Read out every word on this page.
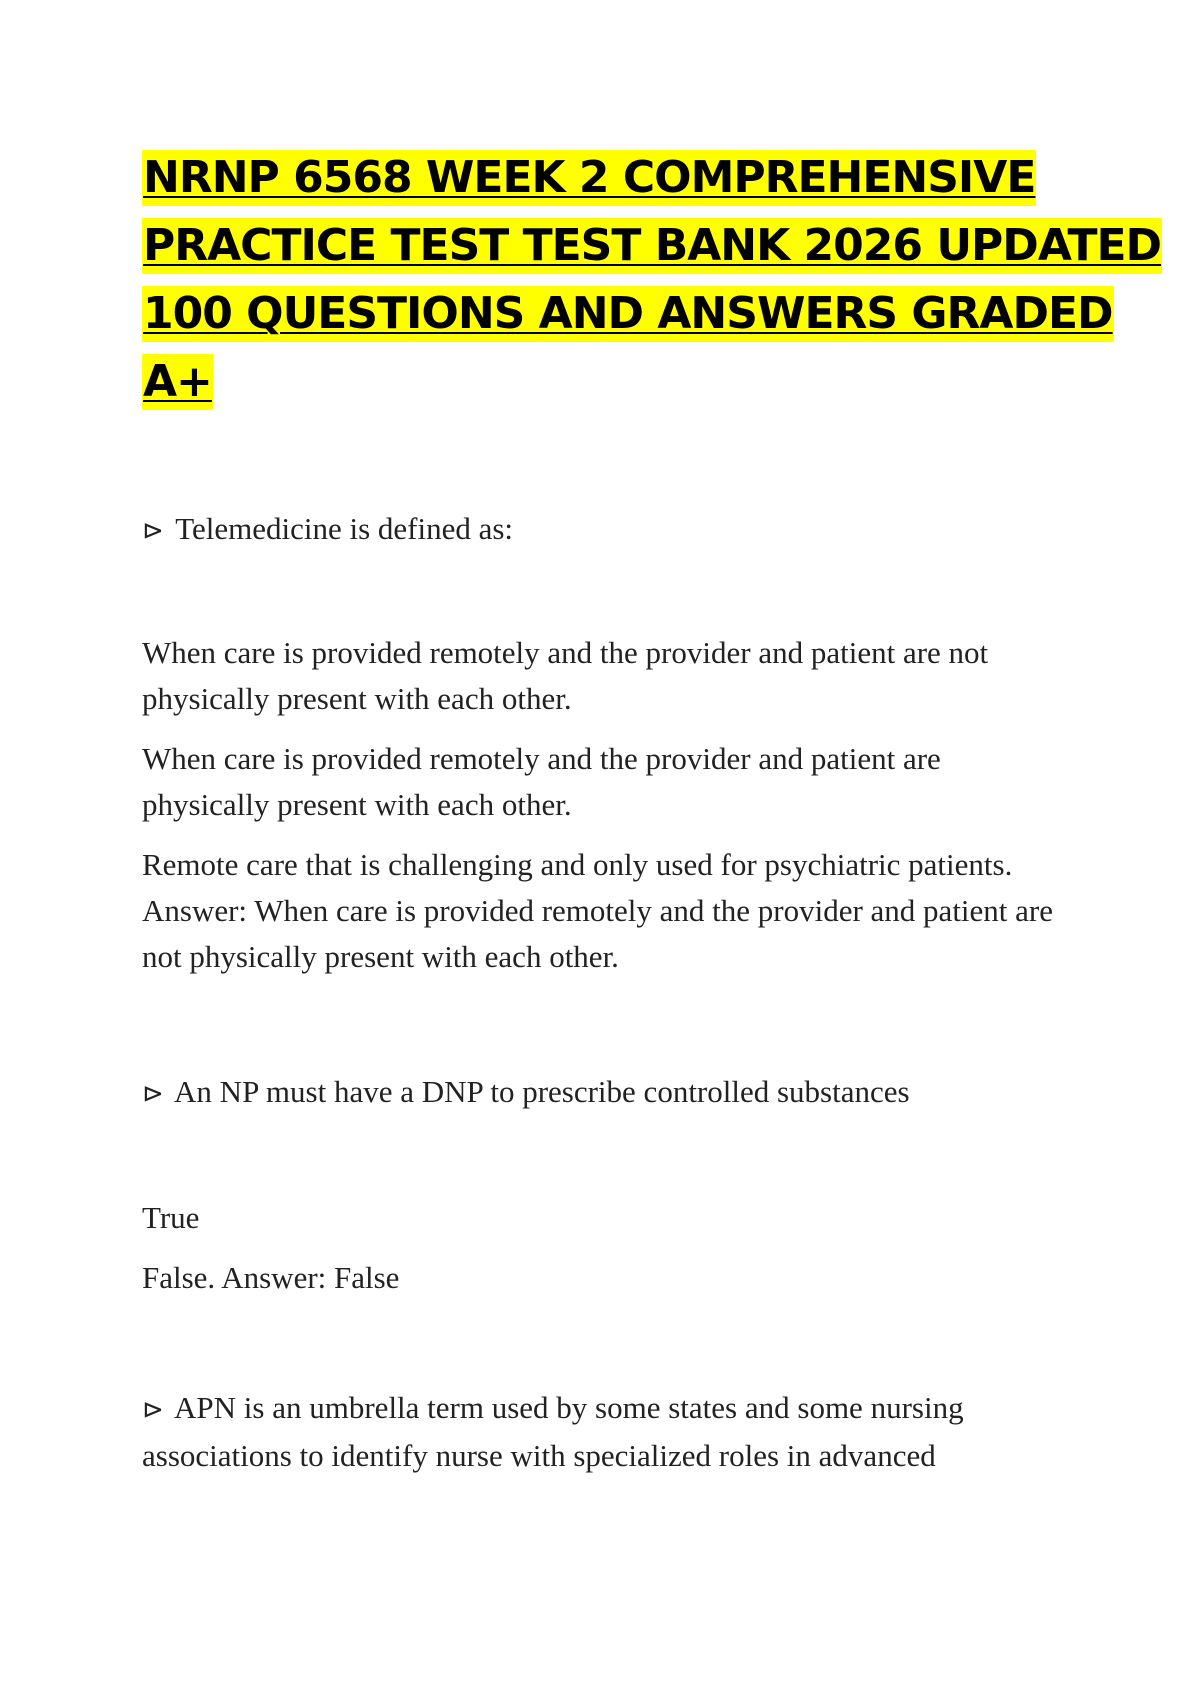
NRNP 6568 WEEK 2 COMPREHENSIVE
PRACTICE TEST TEST BANK 2026 UPDATED
100 QUESTIONS AND ANSWERS GRADED
A+
⊳ Telemedicine is defined as:

When care is provided remotely and the provider and patient are not physically present with each other.

When care is provided remotely and the provider and patient are physically present with each other.

Remote care that is challenging and only used for psychiatric patients. Answer: When care is provided remotely and the provider and patient are not physically present with each other.

⊳ An NP must have a DNP to prescribe controlled substances

True

False. Answer: False

⊳ APN is an umbrella term used by some states and some nursing associations to identify nurse with specialized roles in advanced
